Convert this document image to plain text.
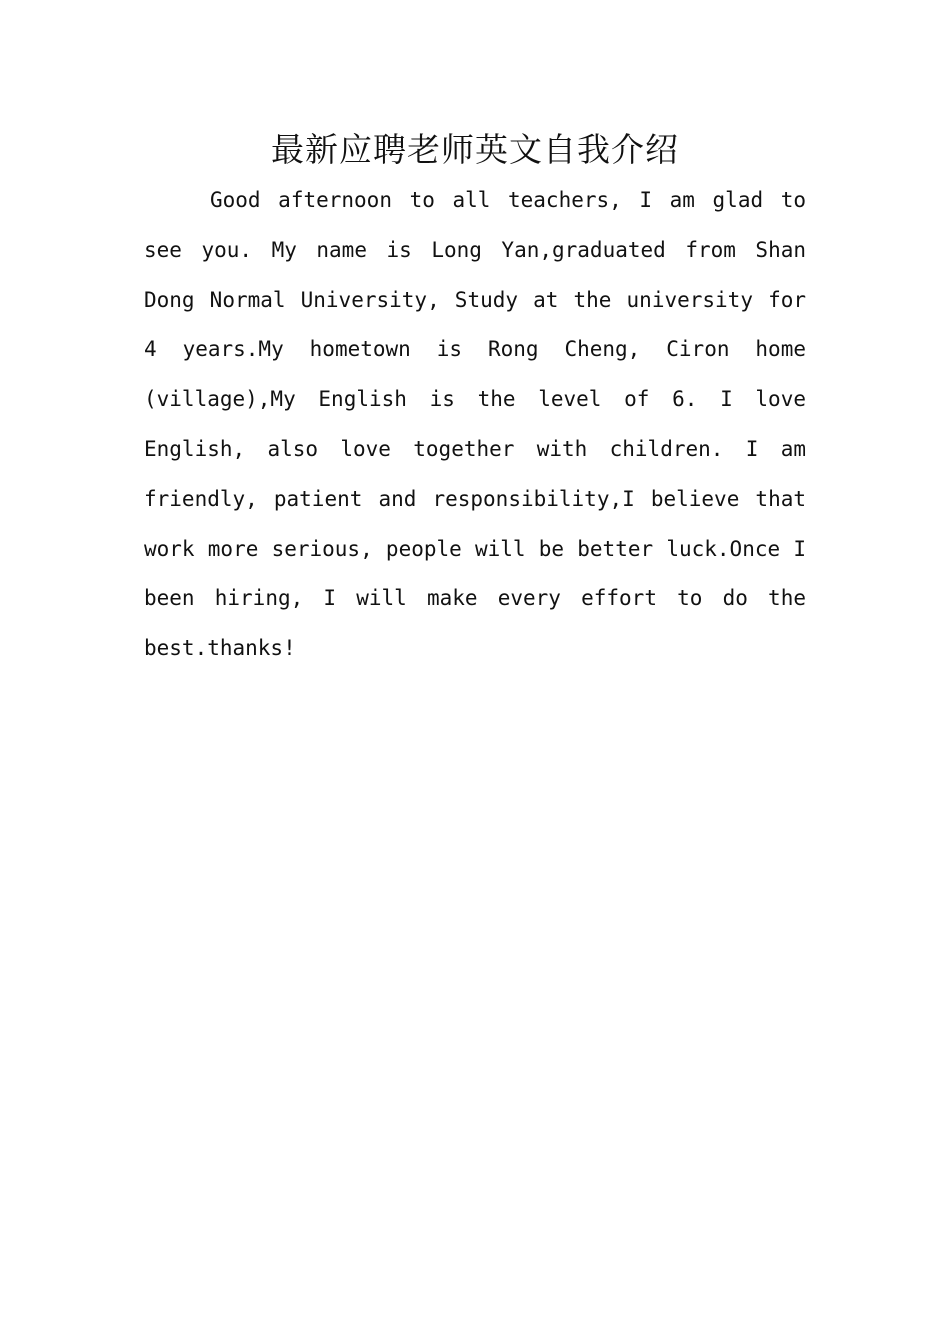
最新应聘老师英文自我介绍

Good afternoon to all teachers, I am glad to see you. My name is Long Yan,graduated from Shan Dong Normal University, Study at the university for 4 years.My hometown is Rong Cheng, Ciron home (village),My English is the level of 6. I love English, also love together with children. I am friendly, patient and responsibility,I believe that work more serious, people will be better luck.Once I been hiring, I will make every effort to do the best.thanks!
